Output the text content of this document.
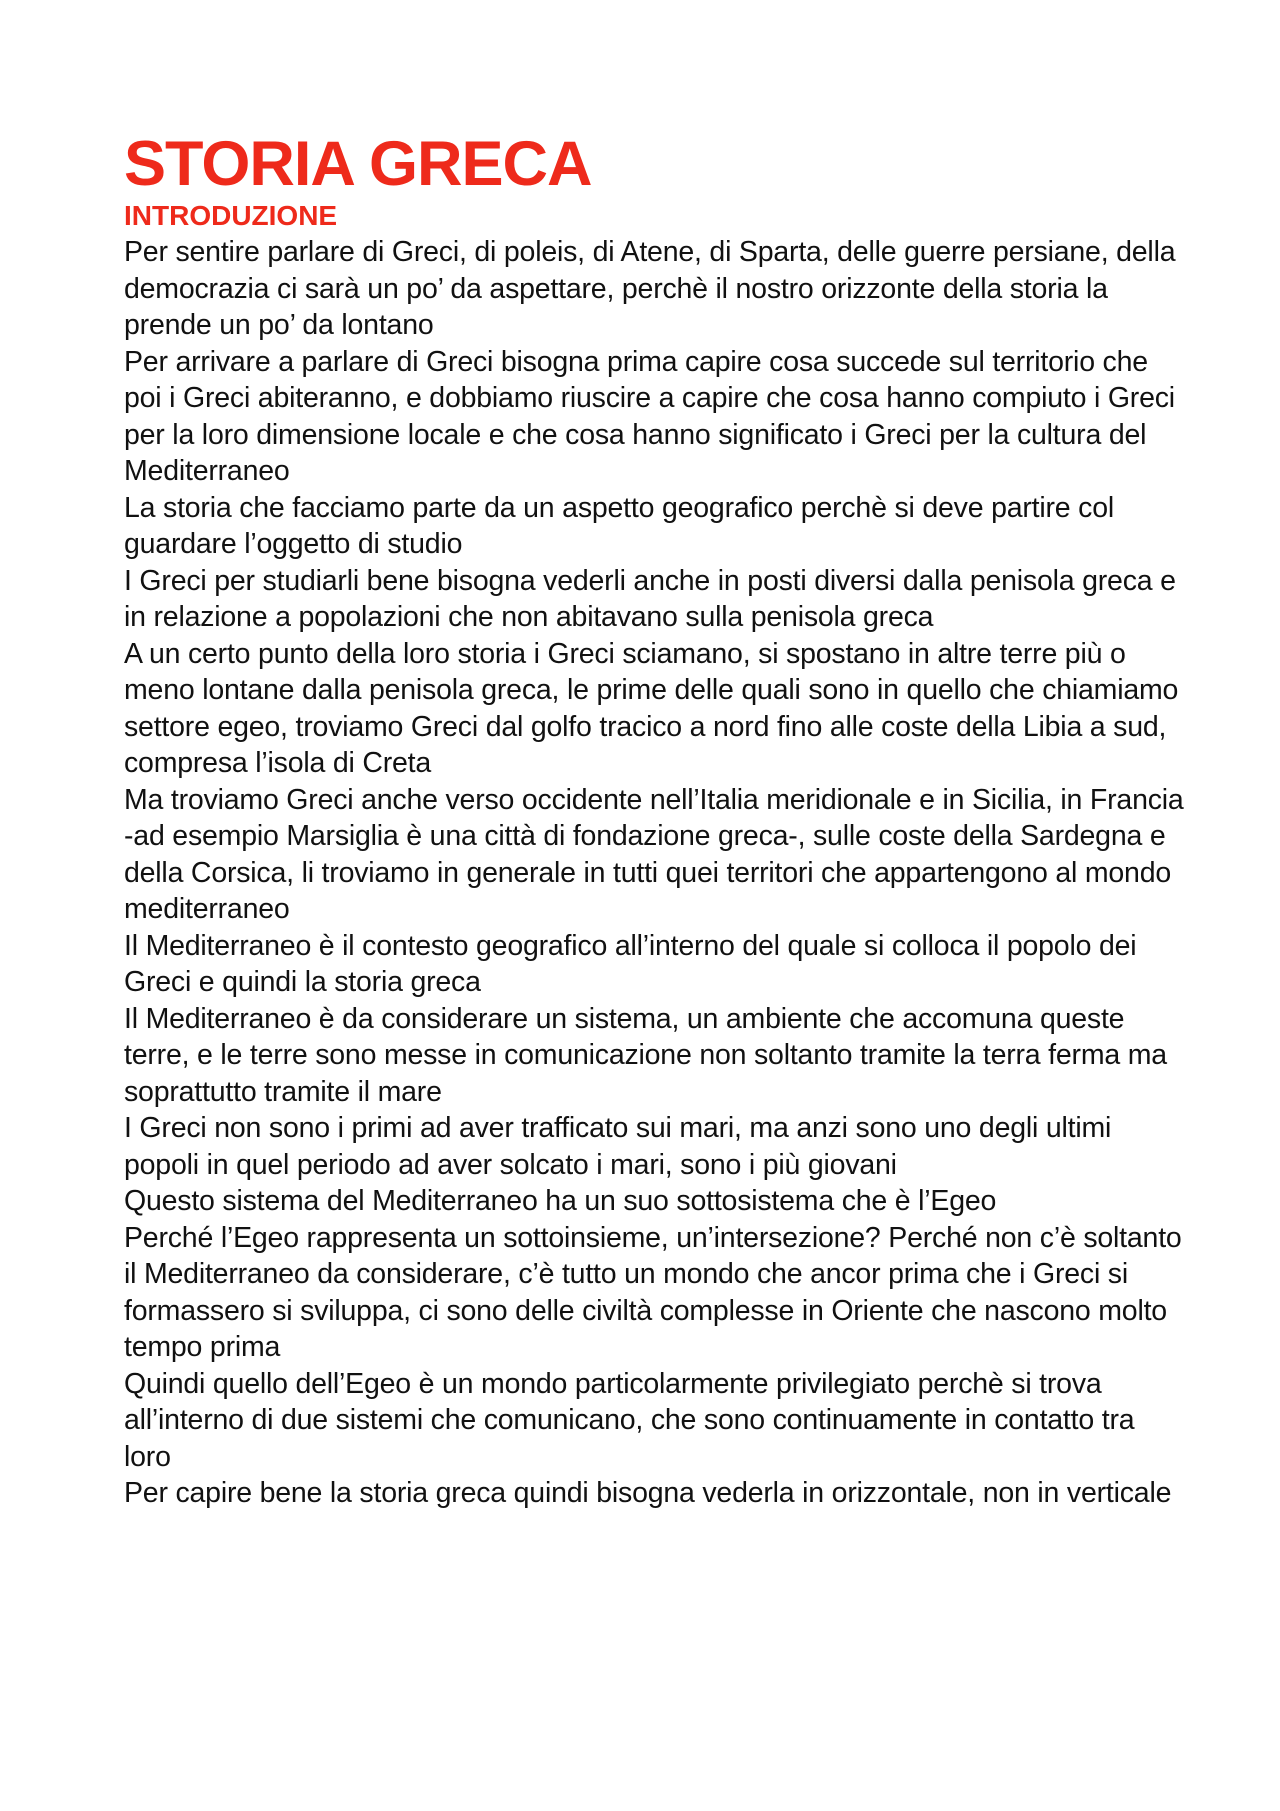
STORIA GRECA
INTRODUZIONE

Per sentire parlare di Greci, di poleis, di Atene, di Sparta, delle guerre persiane, della democrazia ci sarà un po’ da aspettare, perchè il nostro orizzonte della storia la prende un po’ da lontano

Per arrivare a parlare di Greci bisogna prima capire cosa succede sul territorio che poi i Greci abiteranno, e dobbiamo riuscire a capire che cosa hanno compiuto i Greci per la loro dimensione locale e che cosa hanno significato i Greci per la cultura del Mediterraneo

La storia che facciamo parte da un aspetto geografico perchè si deve partire col guardare l’oggetto di studio

I Greci per studiarli bene bisogna vederli anche in posti diversi dalla penisola greca e in relazione a popolazioni che non abitavano sulla penisola greca

A un certo punto della loro storia i Greci sciamano, si spostano in altre terre più o meno lontane dalla penisola greca, le prime delle quali sono in quello che chiamiamo settore egeo, troviamo Greci dal golfo tracico a nord fino alle coste della Libia a sud, compresa l’isola di Creta

Ma troviamo Greci anche verso occidente nell’Italia meridionale e in Sicilia, in Francia -ad esempio Marsiglia è una città di fondazione greca-, sulle coste della Sardegna e della Corsica, li troviamo in generale in tutti quei territori che appartengono al mondo mediterraneo

Il Mediterraneo è il contesto geografico all’interno del quale si colloca il popolo dei Greci e quindi la storia greca

Il Mediterraneo è da considerare un sistema, un ambiente che accomuna queste terre, e le terre sono messe in comunicazione non soltanto tramite la terra ferma ma soprattutto tramite il mare

I Greci non sono i primi ad aver trafficato sui mari, ma anzi sono uno degli ultimi popoli in quel periodo ad aver solcato i mari, sono i più giovani

Questo sistema del Mediterraneo ha un suo sottosistema che è l’Egeo

Perché l’Egeo rappresenta un sottoinsieme, un’intersezione? Perché non c’è soltanto il Mediterraneo da considerare, c’è tutto un mondo che ancor prima che i Greci si formassero si sviluppa, ci sono delle civiltà complesse in Oriente che nascono molto tempo prima

Quindi quello dell’Egeo è un mondo particolarmente privilegiato perchè si trova all’interno di due sistemi che comunicano, che sono continuamente in contatto tra loro

Per capire bene la storia greca quindi bisogna vederla in orizzontale, non in verticale
